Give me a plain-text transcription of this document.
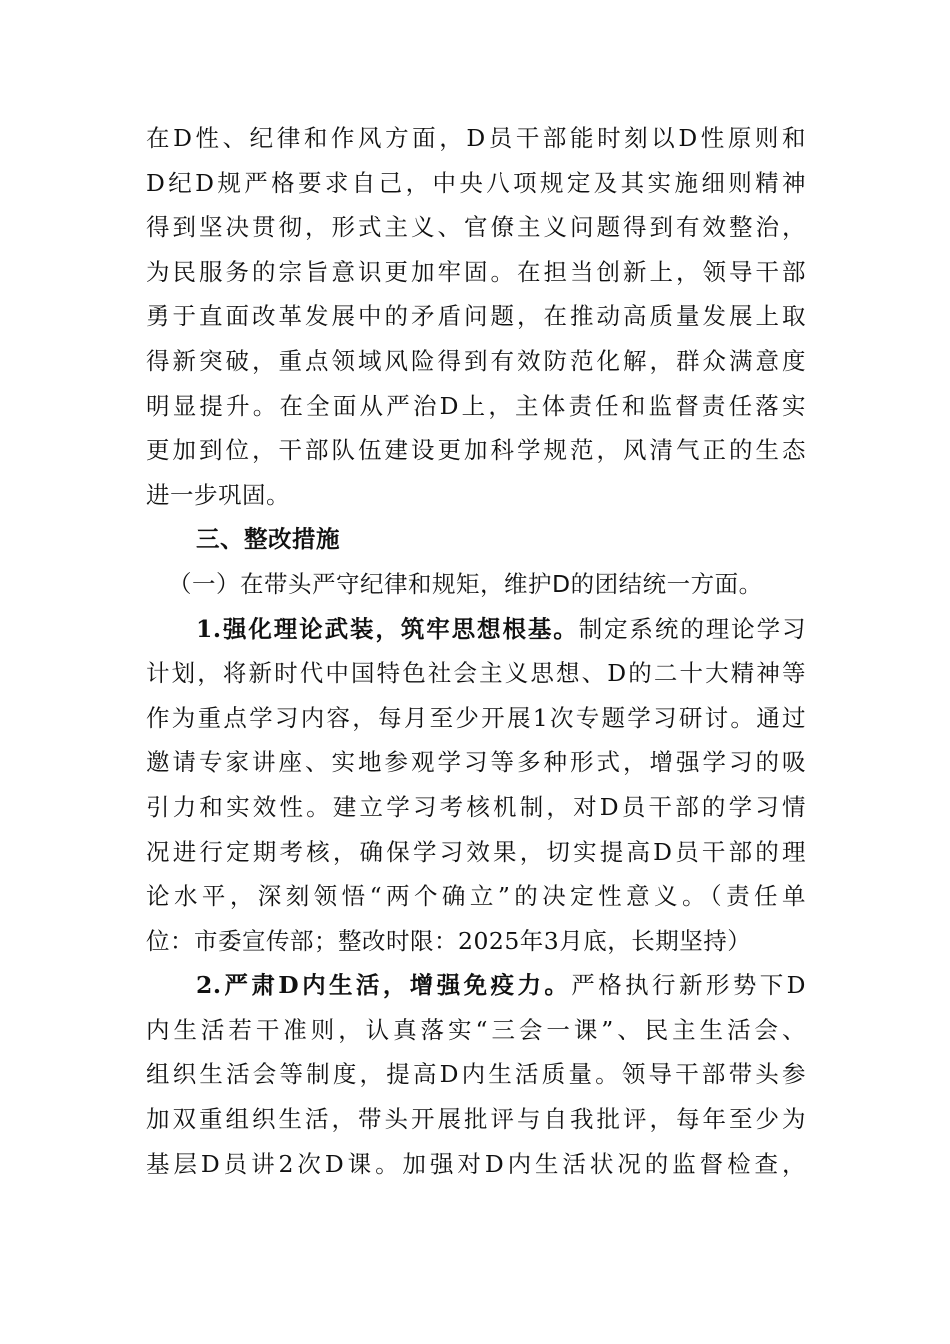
在D性、纪律和作风方面，D员干部能时刻以D性原则和
D纪D规严格要求自己，中央八项规定及其实施细则精神
得到坚决贯彻，形式主义、官僚主义问题得到有效整治，
为民服务的宗旨意识更加牢固。在担当创新上，领导干部
勇于直面改革发展中的矛盾问题，在推动高质量发展上取
得新突破，重点领域风险得到有效防范化解，群众满意度
明显提升。在全面从严治D上，主体责任和监督责任落实
更加到位，干部队伍建设更加科学规范，风清气正的生态
进一步巩固。
三、整改措施
（一）在带头严守纪律和规矩，维护D的团结统一方面。
1.强化理论武装，筑牢思想根基。制定系统的理论学习
计划，将新时代中国特色社会主义思想、D的二十大精神等
作为重点学习内容，每月至少开展1次专题学习研讨。通过
邀请专家讲座、实地参观学习等多种形式，增强学习的吸
引力和实效性。建立学习考核机制，对D员干部的学习情
况进行定期考核，确保学习效果，切实提高D员干部的理
论水平，深刻领悟“两个确立”的决定性意义。（责任单
位：市委宣传部；整改时限：2025年3月底，长期坚持）
2.严肃D内生活，增强免疫力。严格执行新形势下D
内生活若干准则，认真落实“三会一课”、民主生活会、
组织生活会等制度，提高D内生活质量。领导干部带头参
加双重组织生活，带头开展批评与自我批评，每年至少为
基层D员讲2次D课。加强对D内生活状况的监督检查，
